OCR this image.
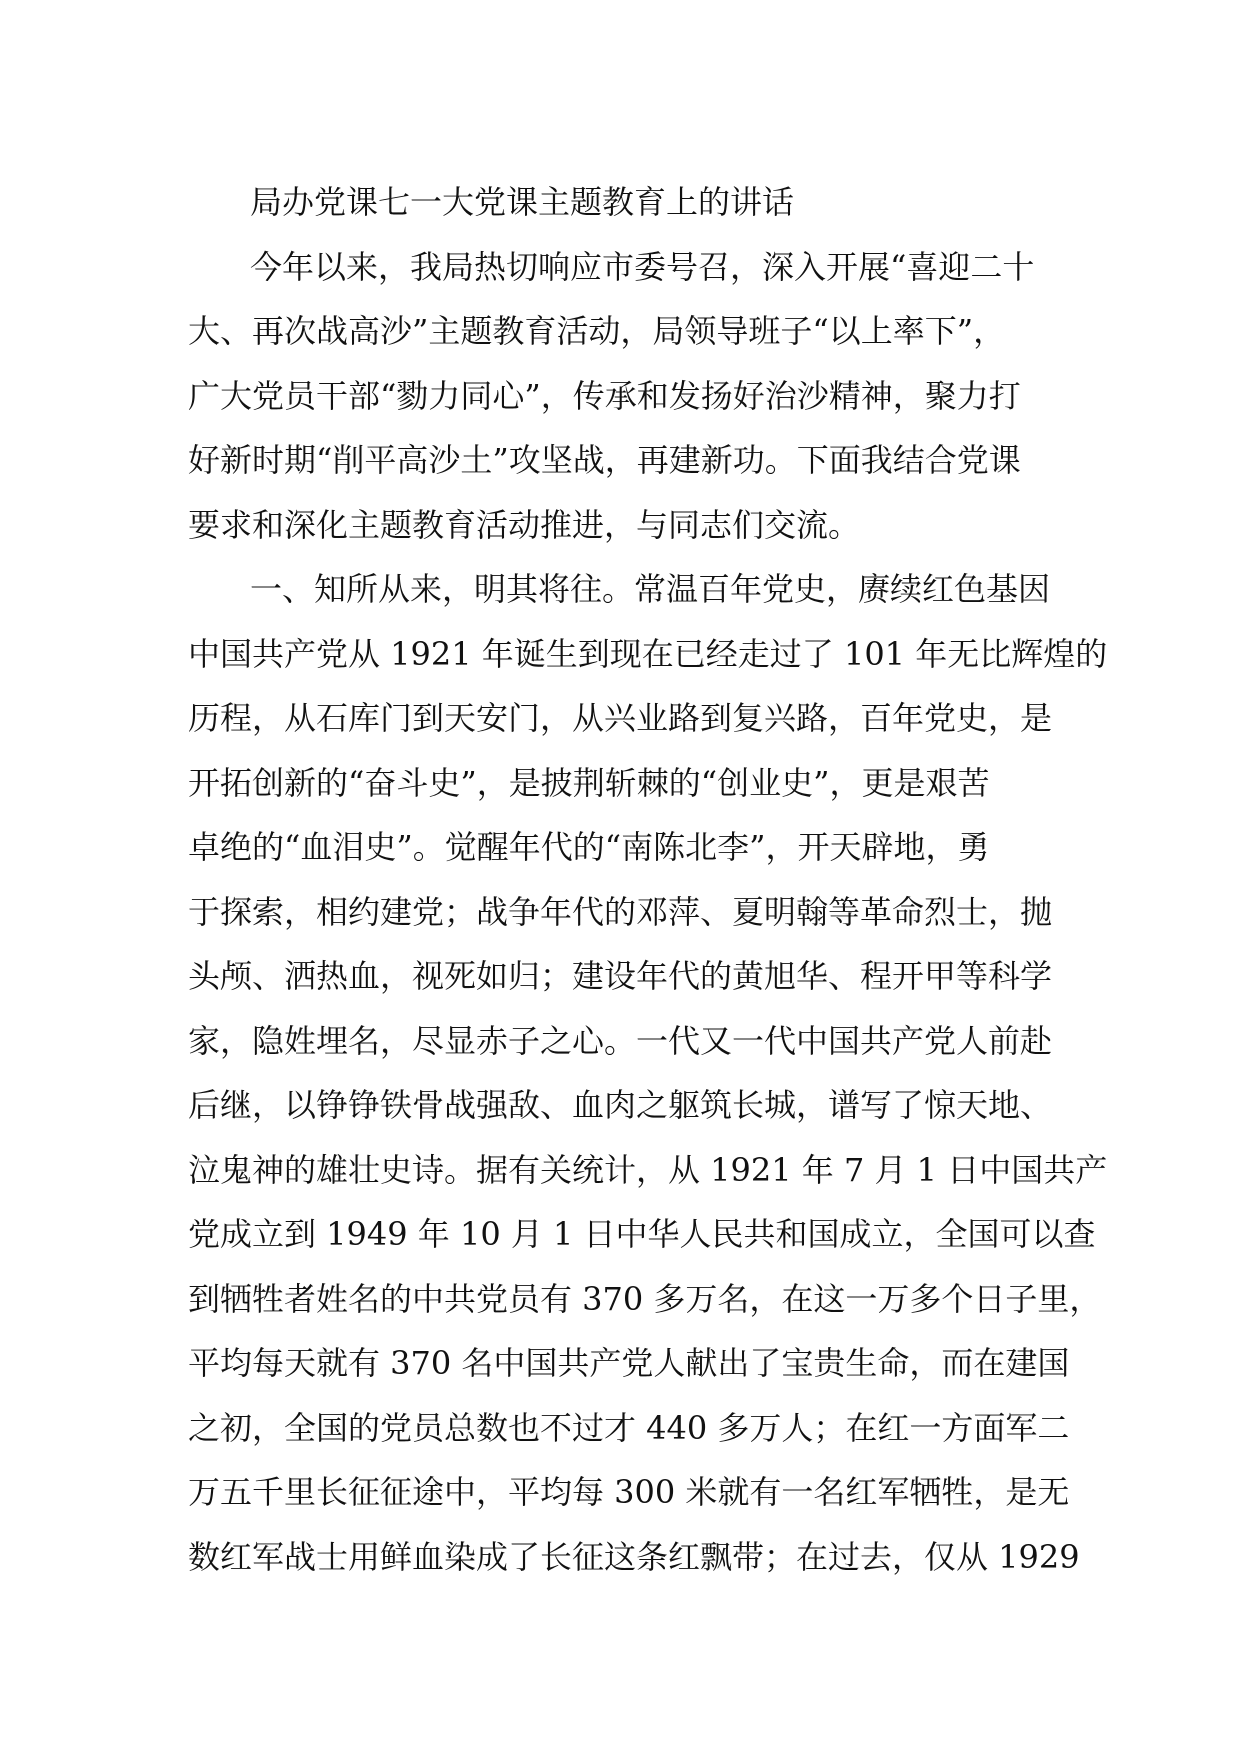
局办党课七一大党课主题教育上的讲话
今年以来，我局热切响应市委号召，深入开展“喜迎二十
大、再次战高沙”主题教育活动，局领导班子“以上率下”，
广大党员干部“勠力同心”，传承和发扬好治沙精神，聚力打
好新时期“削平高沙土”攻坚战，再建新功。下面我结合党课
要求和深化主题教育活动推进，与同志们交流。
一、知所从来，明其将往。常温百年党史，赓续红色基因
中国共产党从 1921 年诞生到现在已经走过了 101 年无比辉煌的
历程，从石库门到天安门，从兴业路到复兴路，百年党史，是
开拓创新的“奋斗史”，是披荆斩棘的“创业史”，更是艰苦
卓绝的“血泪史”。觉醒年代的“南陈北李”，开天辟地，勇
于探索，相约建党；战争年代的邓萍、夏明翰等革命烈士，抛
头颅、洒热血，视死如归；建设年代的黄旭华、程开甲等科学
家，隐姓埋名，尽显赤子之心。一代又一代中国共产党人前赴
后继，以铮铮铁骨战强敌、血肉之躯筑长城，谱写了惊天地、
泣鬼神的雄壮史诗。据有关统计，从 1921 年 7 月 1 日中国共产
党成立到 1949 年 10 月 1 日中华人民共和国成立，全国可以查
到牺牲者姓名的中共党员有 370 多万名，在这一万多个日子里，
平均每天就有 370 名中国共产党人献出了宝贵生命，而在建国
之初，全国的党员总数也不过才 440 多万人；在红一方面军二
万五千里长征征途中，平均每 300 米就有一名红军牺牲，是无
数红军战士用鲜血染成了长征这条红飘带；在过去，仅从 1929
